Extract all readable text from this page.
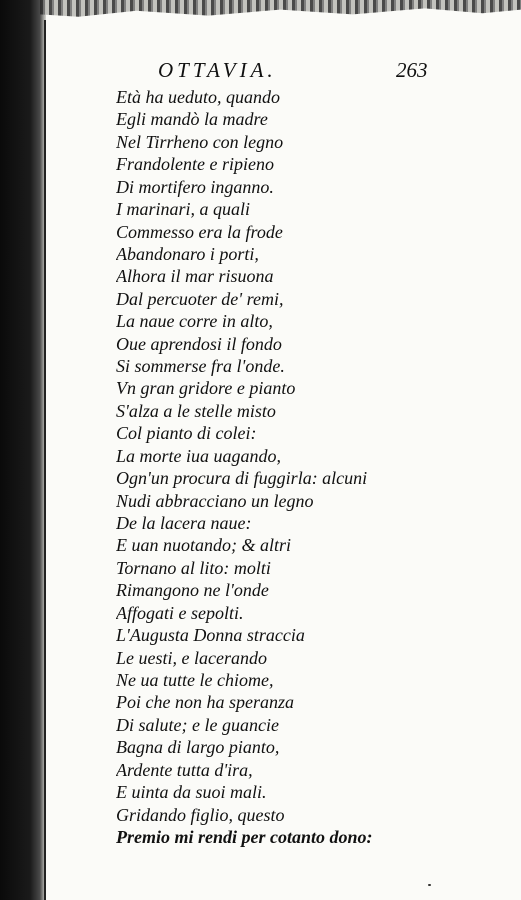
OTTAVIA.	263
Età ha ueduto, quando
Egli mandò la madre
Nel Tirrheno con legno
Frandolente e ripieno
Di mortifero inganno.
I marinari, a quali
Commesso era la frode
Abandonaro i porti,
Alhora il mar risuona
Dal percuoter de' remi,
La naue corre in alto,
Oue aprendosi il fondo
Si sommerse fra l'onde.
Vn gran gridore e pianto
S'alza a le stelle misto
Col pianto di colei:
La morte iua uagando,
Ogn'un procura di fuggirla: alcuni
Nudi abbracciano un legno
De la lacera naue:
E uan nuotando; & altri
Tornano al lito: molti
Rimangono ne l'onde
Affogati e sepolti.
L'Augusta Donna straccia
Le uesti, e lacerando
Ne ua tutte le chiome,
Poi che non ha speranza
Di salute; e le guancie
Bagna di largo pianto,
Ardente tutta d'ira,
E uinta da suoi mali.
Gridando figlio, questo
Premio mi rendi per cotanto dono:
